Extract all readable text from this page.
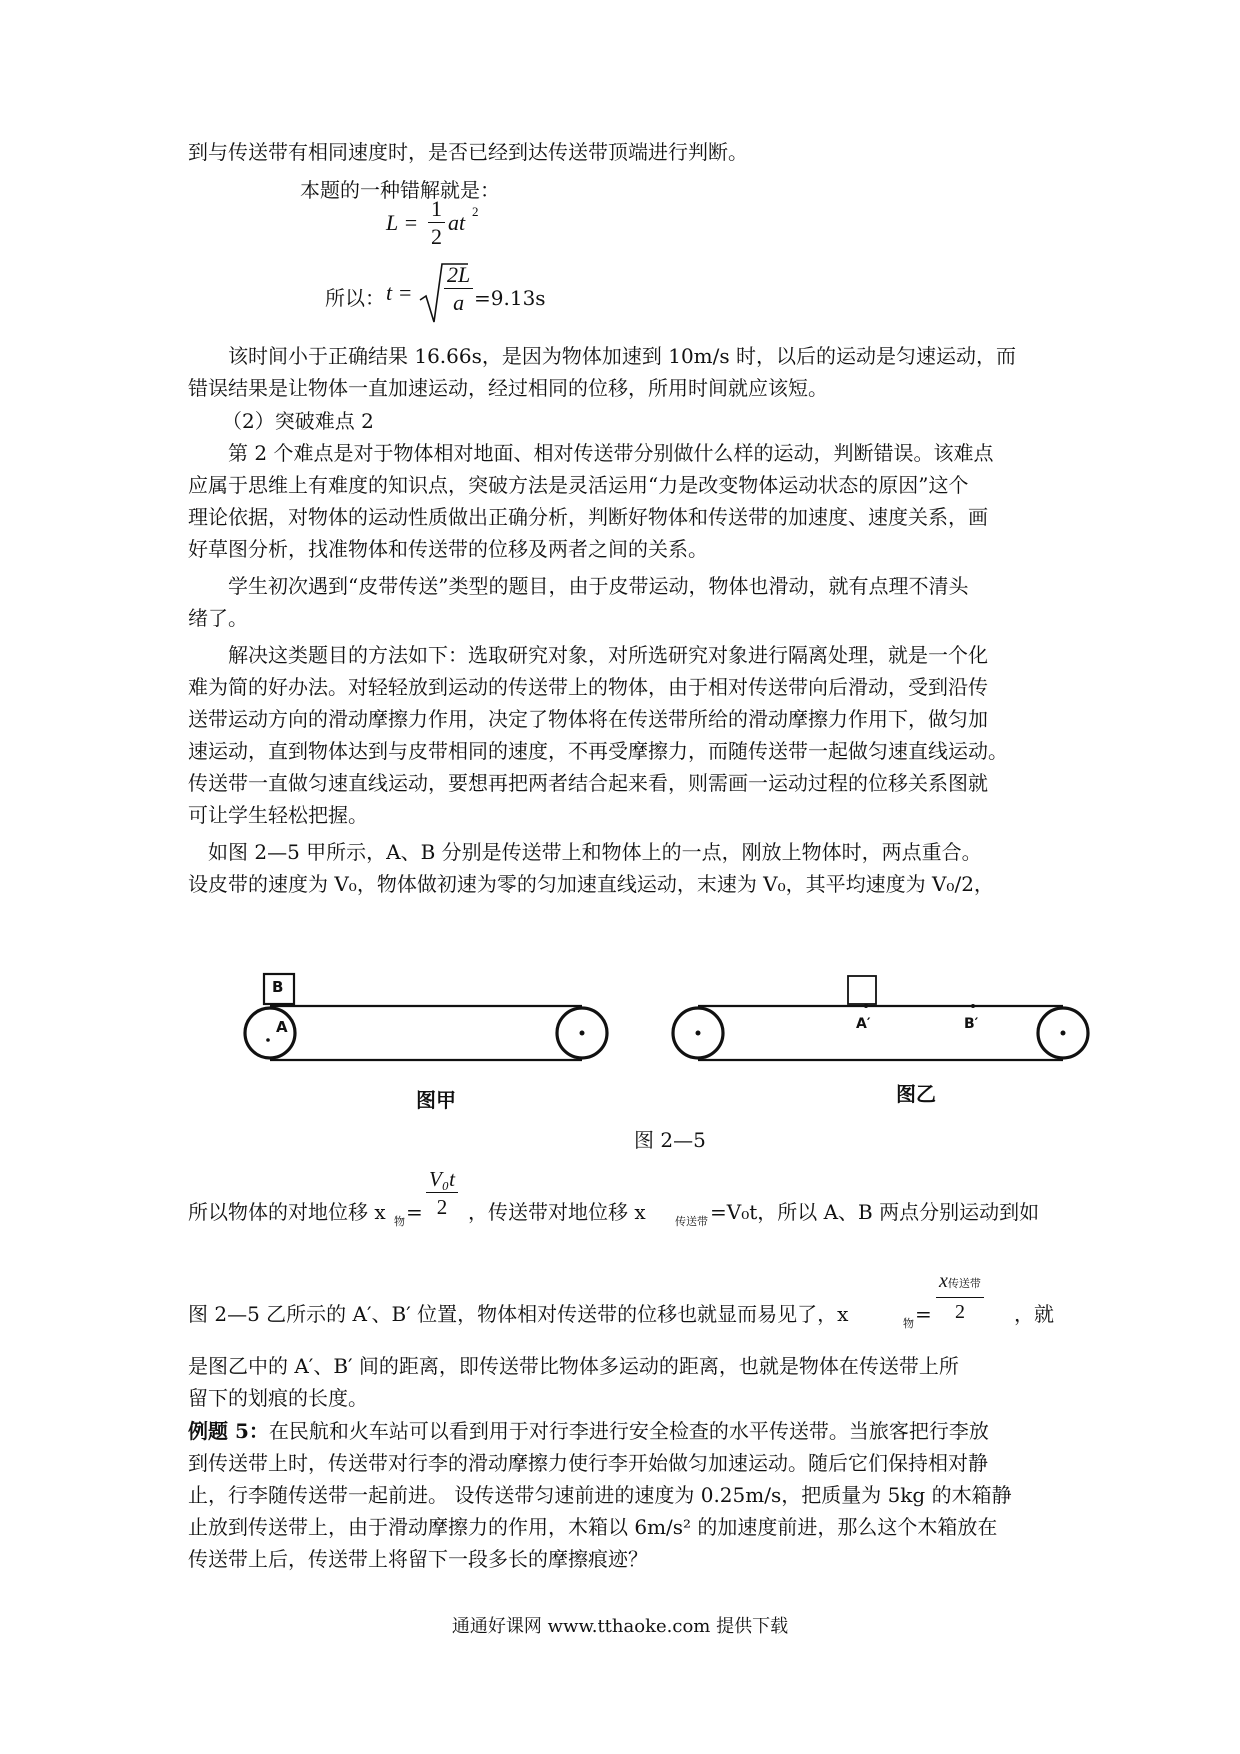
到与传送带有相同速度时，是否已经到达传送带顶端进行判断。
本题的一种错解就是：
$L = \frac{1}{2}$ at 2
所以： $t = \frac{2L}{a} =9.13s$
该时间小于正确结果 16.66s，是因为物体加速到 10m/s 时，以后的运动是匀速运动，而
错误结果是让物体一直加速运动，经过相同的位移，所用时间就应该短。
（2）突破难点 2
第 2 个难点是对于物体相对地面、相对传送带分别做什么样的运动，判断错误。该难点
应属于思维上有难度的知识点，突破方法是灵活运用“力是改变物体运动状态的原因”这个
理论依据，对物体的运动性质做出正确分析，判断好物体和传送带的加速度、速度关系，画
好草图分析，找准物体和传送带的位移及两者之间的关系。
学生初次遇到“皮带传送”类型的题目，由于皮带运动，物体也滑动，就有点理不清头
绪了。
解决这类题目的方法如下：选取研究对象，对所选研究对象进行隔离处理，就是一个化
难为简的好办法。对轻轻放到运动的传送带上的物体，由于相对传送带向后滑动，受到沿传
送带运动方向的滑动摩擦力作用，决定了物体将在传送带所给的滑动摩擦力作用下，做匀加
速运动，直到物体达到与皮带相同的速度，不再受摩擦力，而随传送带一起做匀速直线运动。
传送带一直做匀速直线运动，要想再把两者结合起来看，则需画一运动过程的位移关系图就
可让学生轻松把握。
如图 2—5 甲所示，A、B 分别是传送带上和物体上的一点，刚放上物体时，两点重合。
设皮带的速度为 V₀，物体做初速为零的匀加速直线运动，末速为 V₀，其平均速度为 V₀/2，
B
A	A′	B′
图甲	图乙
图 2—5
所以物体的对地位移 x 物 = $\frac{\text{V₀t}}{2}$ ，传送带对地位移 x	传送带 =V₀t，所以 A、B 两点分别运动到如
图 2—5 乙所示的 A′、B′ 位置，物体相对传送带的位移也就显而易见了，x	物 =
x传送带
2	，就
是图乙中的 A′、B′ 间的距离，即传送带比物体多运动的距离，也就是物体在传送带上所
留下的划痕的长度。
例题 5：在民航和火车站可以看到用于对行李进行安全检查的水平传送带。当旅客把行李放
到传送带上时，传送带对行李的滑动摩擦力使行李开始做匀加速运动。随后它们保持相对静
止，行李随传送带一起前进。 设传送带匀速前进的速度为 0.25m/s，把质量为 5kg 的木箱静
止放到传送带上，由于滑动摩擦力的作用，木箱以 6m/s² 的加速度前进，那么这个木箱放在
传送带上后，传送带上将留下一段多长的摩擦痕迹？
通通好课网 www.tthaoke.com 提供下载
